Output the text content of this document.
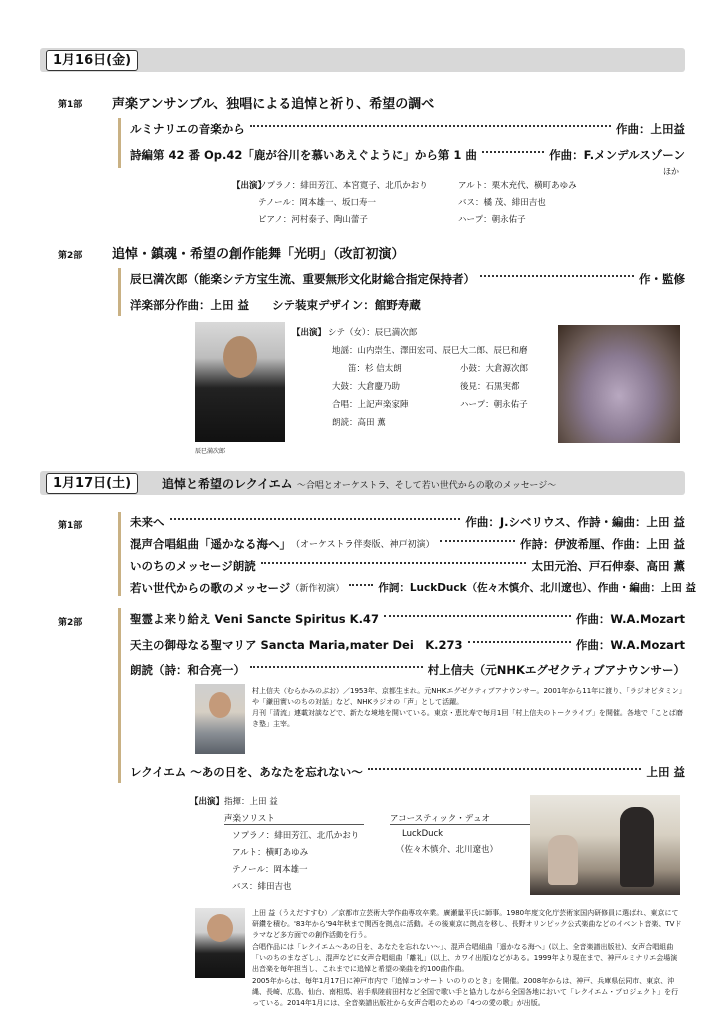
1月16日(金)
第1部 声楽アンサンブル、独唱による追悼と祈り、希望の調べ
ルミナリエの音楽から	作曲：上田益
詩編第 42 番 Op.42「鹿が谷川を慕いあえぐように」から第 1 曲	作曲：F.メンデルスゾーン
ほか
【出演】
ソプラノ：緋田芳江、本宮寛子、北爪かおり
テノール：岡本雄一、坂口寿一
ピアノ：河村泰子、陶山蕾子
アルト：栗木充代、横町あゆみ
バス：橘 茂、緋田吉也
ハープ：朝永佑子
第2部 追悼・鎮魂・希望の創作能舞「光明」（改訂初演）
辰巳満次郎（能楽シテ方宝生流、重要無形文化財総合指定保持者）	作・監修
洋楽部分作曲：上田 益　　シテ装束デザイン：館野寿蔵
辰巳満次郎
【出演】 シテ（女）：辰巳満次郎
地謡：山内崇生、澤田宏司、辰巳大二郎、辰巳和磨
笛：杉 信太朗	小鼓：大倉源次郎
大鼓：大倉慶乃助	後見：石黒実都
合唱：上記声楽家陣	ハープ：朝永佑子
朗読：高田 薫
1月17日(土)	追悼と希望のレクイエム 〜合唱とオーケストラ、そして若い世代からの歌のメッセージ〜
第1部	未来へ	作曲：J.シベリウス、作詩・編曲：上田 益
混声合唱組曲「遥かなる海へ」 （オーケストラ伴奏版、神戸初演）	作詩：伊波希厘、作曲：上田 益
いのちのメッセージ朗読	太田元治、戸石伸泰、高田 薫
若い世代からの歌のメッセージ （新作初演）	作詞：LuckDuck（佐々木慎介、北川遼也）、作曲・編曲：上田 益
第2部	聖霊よ来り給え Veni Sancte Spiritus K.47	作曲：W.A.Mozart
天主の御母なる聖マリア Sancta Maria,mater Dei　K.273	作曲：W.A.Mozart
朗読（詩：和合亮一）	村上信夫（元NHKエグゼクティブアナウンサー）
村上信夫（むらかみのぶお）／1953年、京都生まれ。元NHKエグゼクティブアナウンサー。2001年から11年に渡り、「ラジオビタミン」や「鎌田實いのちの対話」など、NHKラジオの「声」として活躍。
月刊「清流」連載対談などで、新たな境地を開いている。東京・恵比寿で毎月1回「村上信夫のトークライブ」を開催。各地で「ことば磨き塾」主宰。
レクイエム 〜あの日を、あなたを忘れない〜	上田 益
【出演】 指揮：上田 益
声楽ソリスト
ソプラノ：緋田芳江、北爪かおり
アルト：横町あゆみ
テノール：岡本雄一
バス：緋田吉也
アコースティック・デュオ
LuckDuck
（佐々木慎介、北川遼也）
上田 益（うえだすすむ）／京都市立芸術大学作曲専攻卒業。廣瀬量平氏に師事。1980年度文化庁芸術家国内研修員に選ばれ、東京にて研鑽を積む。'83年から'94年秋まで関西を拠点に活動。その後東京に拠点を移し、長野オリンピック公式楽曲などのイベント音楽、TVドラマなど多方面での創作活動を行う。
合唱作品には「レクイエム〜あの日を、あなたを忘れない〜」、混声合唱組曲「遥かなる海へ」(以上、全音楽譜出版社)、女声合唱組曲「いのちのまなざし」、混声などに女声合唱組曲「離礼」(以上、カワイ出版)などがある。1999年より現在まで、神戸ルミナリエ会場演出音楽を毎年担当し、これまでに追悼と希望の楽曲を約100曲作曲。
2005年からは、毎年1月17日に神戸市内で「追悼コンサート いのりのとき」を開催。2008年からは、神戸、兵庫県伝同市、東京、沖縄、長崎、広島、仙台、南相馬、岩手県陸前田村など全国で歌い手と協力しながら全国各地において「レクイエム・プロジェクト」を行っている。2014年1月には、全音楽譜出版社から女声合唱のための「4つの愛の歌」が出版。
